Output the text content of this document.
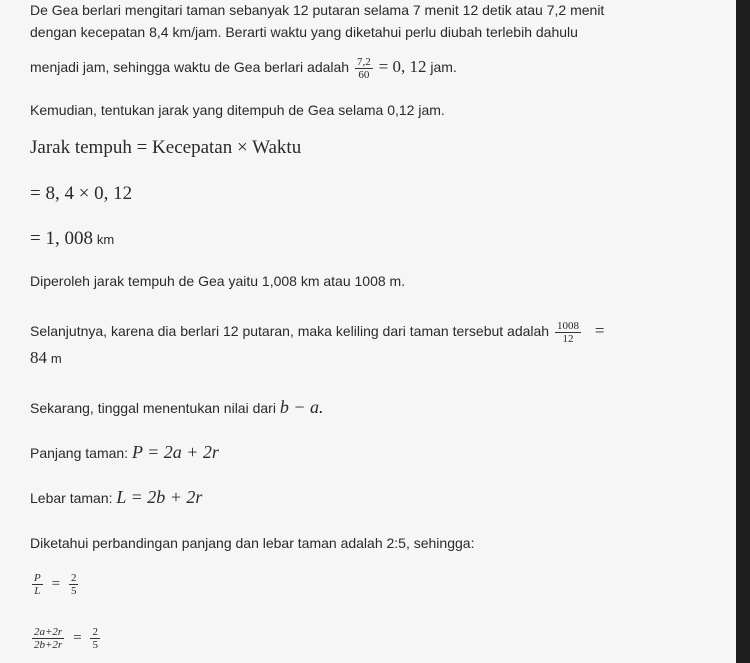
De Gea berlari mengitari taman sebanyak 12 putaran selama 7 menit 12 detik atau 7,2 menit
dengan kecepatan 8,4 km/jam. Berarti waktu yang diketahui perlu diubah terlebih dahulu
menjadi jam, sehingga waktu de Gea berlari adalah $\frac{7,2}{60} = 0$, 12 jam.
Kemudian, tentukan jarak yang ditempuh de Gea selama 0,12 jam.
Jarak tempuh = Kecepatan × Waktu
= 8, 4 × 0, 12
= 1, 008 km
Diperoleh jarak tempuh de Gea yaitu 1,008 km atau 1008 m.
Selanjutnya, karena dia berlari 12 putaran, maka keliling dari taman tersebut adalah $\frac{1008}{12}$ =
84 m
Sekarang, tinggal menentukan nilai dari b − a.
Panjang taman: P = 2a + 2r
Lebar taman: L = 2b + 2r
Diketahui perbandingan panjang dan lebar taman adalah 2:5, sehingga:
$\frac{P}{L} = \frac{2}{5}$
$\frac{2a+2r}{2b+2r} = \frac{2}{5}$
